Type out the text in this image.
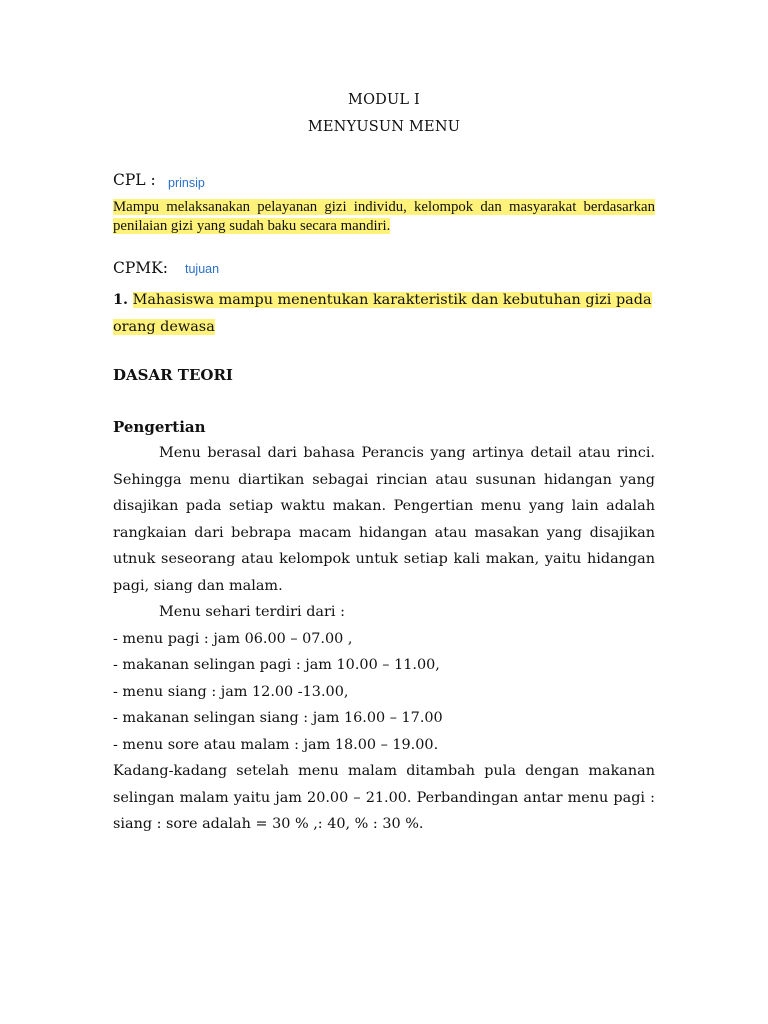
MODUL I
MENYUSUN MENU
CPL : prinsip
Mampu melaksanakan pelayanan gizi individu, kelompok dan masyarakat berdasarkan penilaian gizi yang sudah baku secara mandiri.
CPMK: tujuan
1. Mahasiswa mampu menentukan karakteristik dan kebutuhan gizi pada orang dewasa
DASAR TEORI
Pengertian

Menu berasal dari bahasa Perancis yang artinya detail atau rinci. Sehingga menu diartikan sebagai rincian atau susunan hidangan yang disajikan pada setiap waktu makan. Pengertian menu yang lain adalah rangkaian dari bebrapa macam hidangan atau masakan yang disajikan utnuk seseorang atau kelompok untuk setiap kali makan, yaitu hidangan pagi, siang dan malam.

Menu sehari terdiri dari :

- menu pagi : jam 06.00 – 07.00 ,
- makanan selingan pagi : jam 10.00 – 11.00,
- menu siang : jam 12.00 -13.00,
- makanan selingan siang : jam 16.00 – 17.00
- menu sore atau malam : jam 18.00 – 19.00.

Kadang-kadang setelah menu malam ditambah pula dengan makanan selingan malam yaitu jam 20.00 – 21.00. Perbandingan antar menu pagi : siang : sore adalah = 30 % ,: 40, % : 30 %.
